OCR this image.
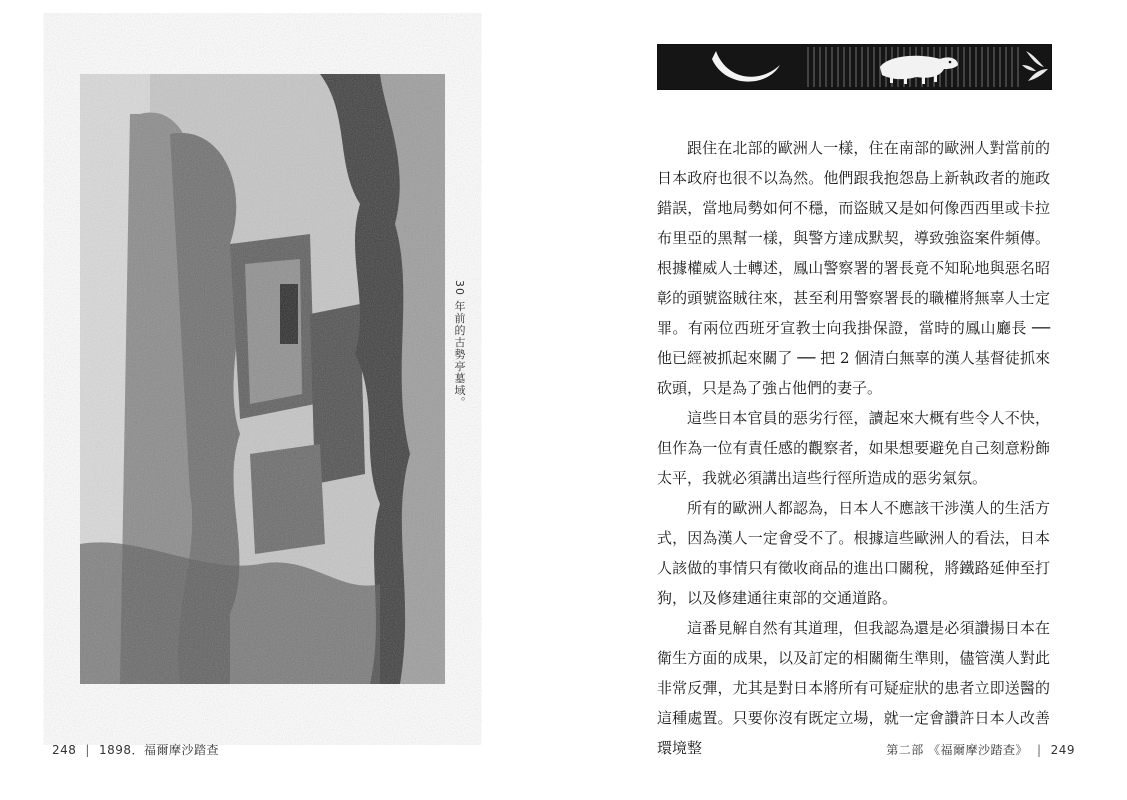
30 年前的古勢亭墓域。
248 | 1898．福爾摩沙踏查

跟住在北部的歐洲人一樣，住在南部的歐洲人對當前的日本政府也很不以為然。他們跟我抱怨島上新執政者的施政錯誤，當地局勢如何不穩，而盜賊又是如何像西西里或卡拉布里亞的黑幫一樣，與警方達成默契，導致強盜案件頻傳。根據權威人士轉述，鳳山警察署的署長竟不知恥地與惡名昭彰的頭號盜賊往來，甚至利用警察署長的職權將無辜人士定罪。有兩位西班牙宣教士向我掛保證，當時的鳳山廳長 ── 他已經被抓起來關了 ── 把 2 個清白無辜的漢人基督徒抓來砍頭，只是為了強占他們的妻子。

這些日本官員的惡劣行徑，讀起來大概有些令人不快，但作為一位有責任感的觀察者，如果想要避免自己刻意粉飾太平，我就必須講出這些行徑所造成的惡劣氣氛。

所有的歐洲人都認為，日本人不應該干涉漢人的生活方式，因為漢人一定會受不了。根據這些歐洲人的看法，日本人該做的事情只有徵收商品的進出口關稅，將鐵路延伸至打狗，以及修建通往東部的交通道路。

這番見解自然有其道理，但我認為還是必須讚揚日本在衛生方面的成果，以及訂定的相關衛生準則，儘管漢人對此非常反彈，尤其是對日本將所有可疑症狀的患者立即送醫的這種處置。只要你沒有既定立場，就一定會讚許日本人改善環境整	第二部 《福爾摩沙踏查》 | 249
